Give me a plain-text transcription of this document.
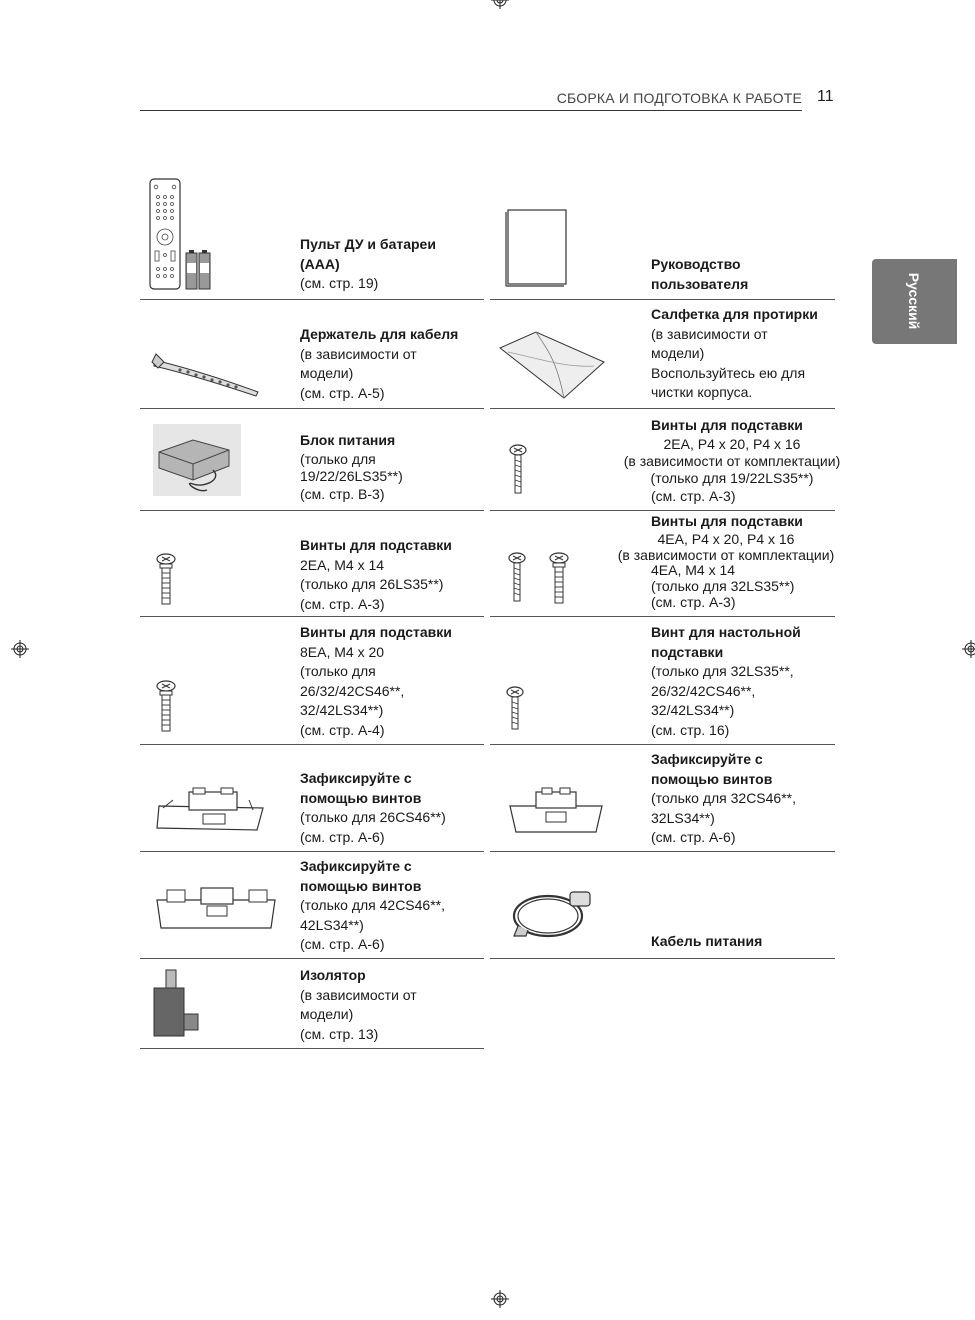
СБОРКА И ПОДГОТОВКА К РАБОТЕ 11
Русский
Пульт ДУ и батареи
(AAA)
(см. стр. 19)
Руководство
пользователя
Держатель для кабеля
(в зависимости от
модели)
(см. стр. A-5)
Салфетка для протирки
(в зависимости от
модели)
Воспользуйтесь ею для
чистки корпуса.
Блок питания
(только для
19/22/26LS35**)
(см. стр. B-3)
Винты для подставки
2EA, P4 x 20, P4 x 16
(в зависимости от комплектации)
(только для 19/22LS35**)
(см. стр. A-3)
Винты для подставки
2EA, M4 x 14
(только для 26LS35**)
(см. стр. A-3)
Винты для подставки
4EA, P4 x 20, P4 x 16
(в зависимости от комплектации)
4EA, M4 x 14
(только для 32LS35**)
(см. стр. A-3)
Винты для подставки
8EA, M4 x 20
(только для
26/32/42CS46**,
32/42LS34**)
(см. стр. A-4)
Винт для настольной
подставки
(только для 32LS35**,
26/32/42CS46**,
32/42LS34**)
(см. стр. 16)
Зафиксируйте с
помощью винтов
(только для 26CS46**)
(см. стр. A-6)
Зафиксируйте с
помощью винтов
(только для 32CS46**,
32LS34**)
(см. стр. A-6)
Зафиксируйте с
помощью винтов
(только для 42CS46**,
42LS34**)
(см. стр. A-6)	Кабель питания
Изолятор
(в зависимости от
модели)
(см. стр. 13)
